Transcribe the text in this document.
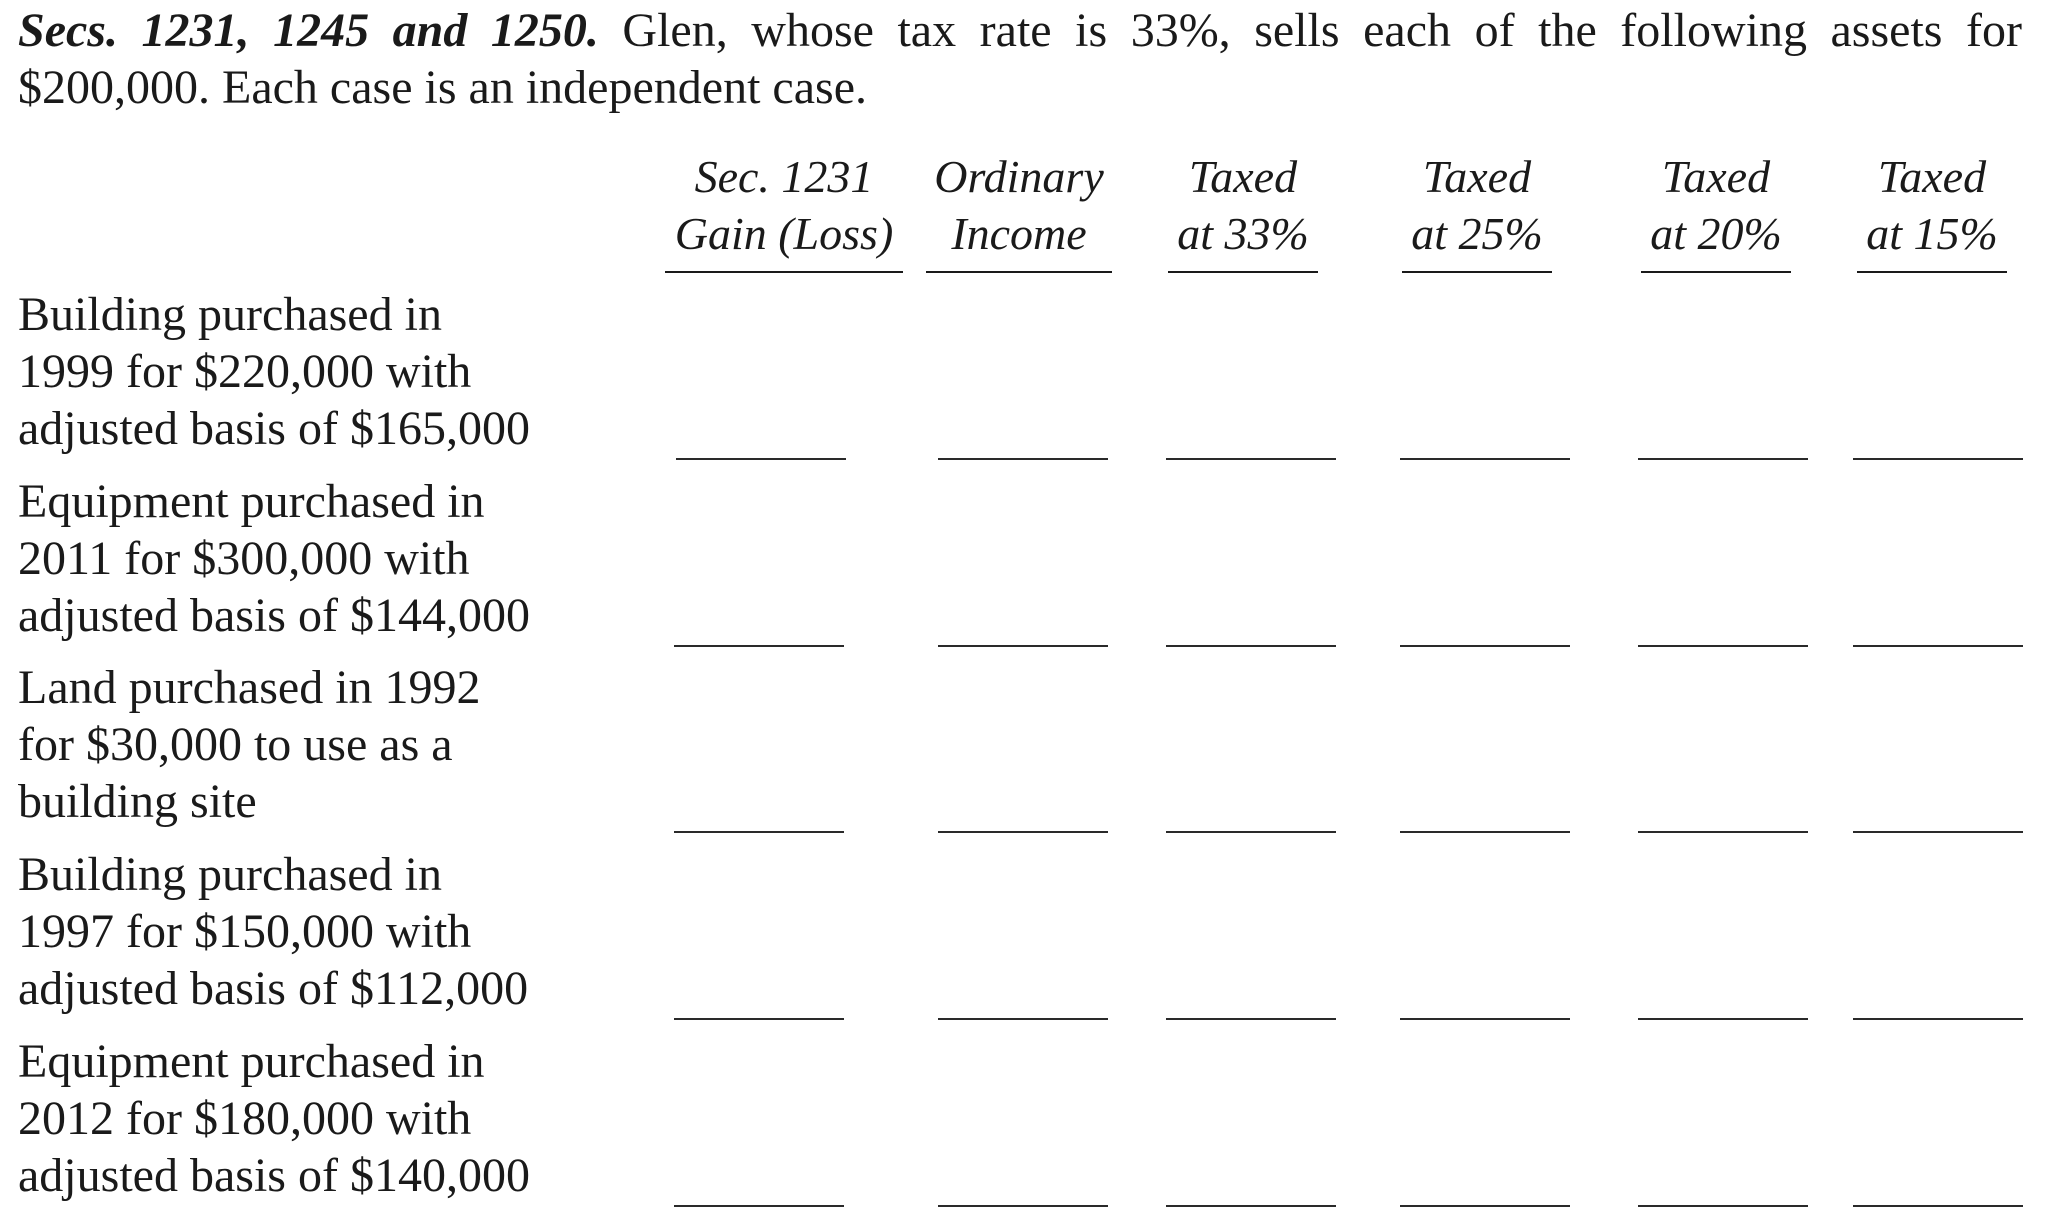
Secs. 1231, 1245 and 1250. Glen, whose tax rate is 33%, sells each of the following assets for $200,000. Each case is an independent case.
Sec. 1231
Gain (Loss)
Ordinary
Income
Taxed
at 33%
Taxed
at 25%
Taxed
at 20%
Taxed
at 15%
Building purchased in
1999 for $220,000 with
adjusted basis of $165,000
Equipment purchased in
2011 for $300,000 with
adjusted basis of $144,000
Land purchased in 1992
for $30,000 to use as a
building site
Building purchased in
1997 for $150,000 with
adjusted basis of $112,000
Equipment purchased in
2012 for $180,000 with
adjusted basis of $140,000
